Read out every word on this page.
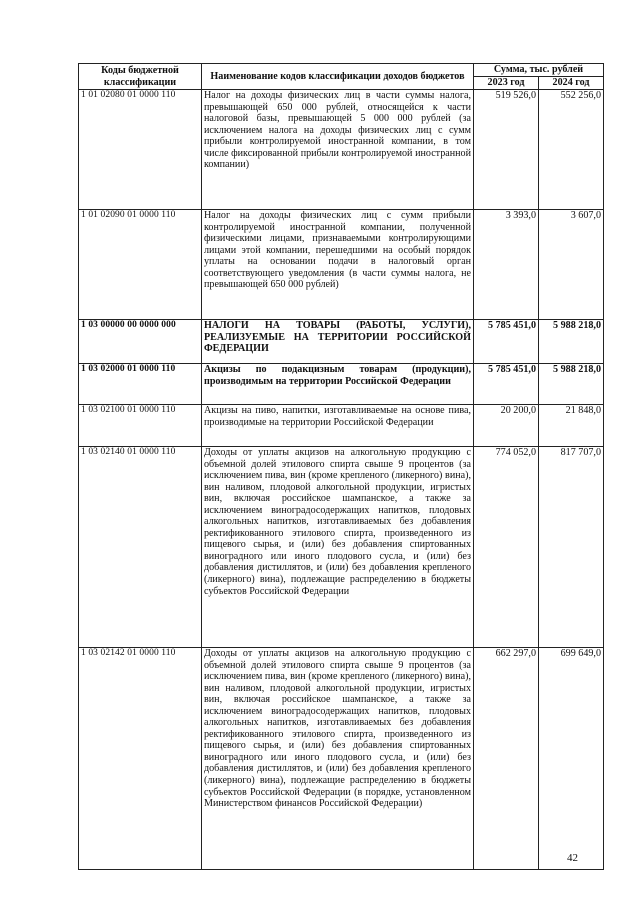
Коды бюджетной классификации	Наименование кодов классификации доходов бюджетов	Сумма, тыс. рублей	
		2023 год	2024 год
1 01 02080 01 0000 110	Налог на доходы физических лиц в части суммы налога, превышающей 650 000 рублей, относящейся к части налоговой базы, превышающей 5 000 000 рублей (за исключением налога на доходы физических лиц с сумм прибыли контролируемой иностранной компании, в том числе фиксированной прибыли контролируемой иностранной компании)	519 526,0	552 256,0
1 01 02090 01 0000 110	Налог на доходы физических лиц с сумм прибыли контролируемой иностранной компании, полученной физическими лицами, признаваемыми контролирующими лицами этой компании, перешедшими на особый порядок уплаты на основании подачи в налоговый орган соответствующего уведомления (в части суммы налога, не превышающей 650 000 рублей)	3 393,0	3 607,0
1 03 00000 00 0000 000	НАЛОГИ НА ТОВАРЫ (РАБОТЫ, УСЛУГИ), РЕАЛИЗУЕМЫЕ НА ТЕРРИТОРИИ РОССИЙСКОЙ ФЕДЕРАЦИИ	5 785 451,0	5 988 218,0
1 03 02000 01 0000 110	Акцизы по подакцизным товарам (продукции), производимым на территории Российской Федерации	5 785 451,0	5 988 218,0
1 03 02100 01 0000 110	Акцизы на пиво, напитки, изготавливаемые на основе пива, производимые на территории Российской Федерации	20 200,0	21 848,0
1 03 02140 01 0000 110	Доходы от уплаты акцизов на алкогольную продукцию с объемной долей этилового спирта свыше 9 процентов (за исключением пива, вин (кроме крепленого (ликерного) вина), вин наливом, плодовой алкогольной продукции, игристых вин, включая российское шампанское, а также за исключением виноградосодержащих напитков, плодовых алкогольных напитков, изготавливаемых без добавления ректификованного этилового спирта, произведенного из пищевого сырья, и (или) без добавления спиртованных виноградного или иного плодового сусла, и (или) без добавления дистиллятов, и (или) без добавления крепленого (ликерного) вина), подлежащие распределению в бюджеты субъектов Российской Федерации	774 052,0	817 707,0
1 03 02142 01 0000 110	Доходы от уплаты акцизов на алкогольную продукцию с объемной долей этилового спирта свыше 9 процентов (за исключением пива, вин (кроме крепленого (ликерного) вина), вин наливом, плодовой алкогольной продукции, игристых вин, включая российское шампанское, а также за исключением виноградосодержащих напитков, плодовых алкогольных напитков, изготавливаемых без добавления ректификованного этилового спирта, произведенного из пищевого сырья, и (или) без добавления спиртованных виноградного или иного плодового сусла, и (или) без добавления дистиллятов, и (или) без добавления крепленого (ликерного) вина), подлежащие распределению в бюджеты субъектов Российской Федерации (в порядке, установленном Министерством финансов Российской Федерации)	662 297,0	699 649,0
42
